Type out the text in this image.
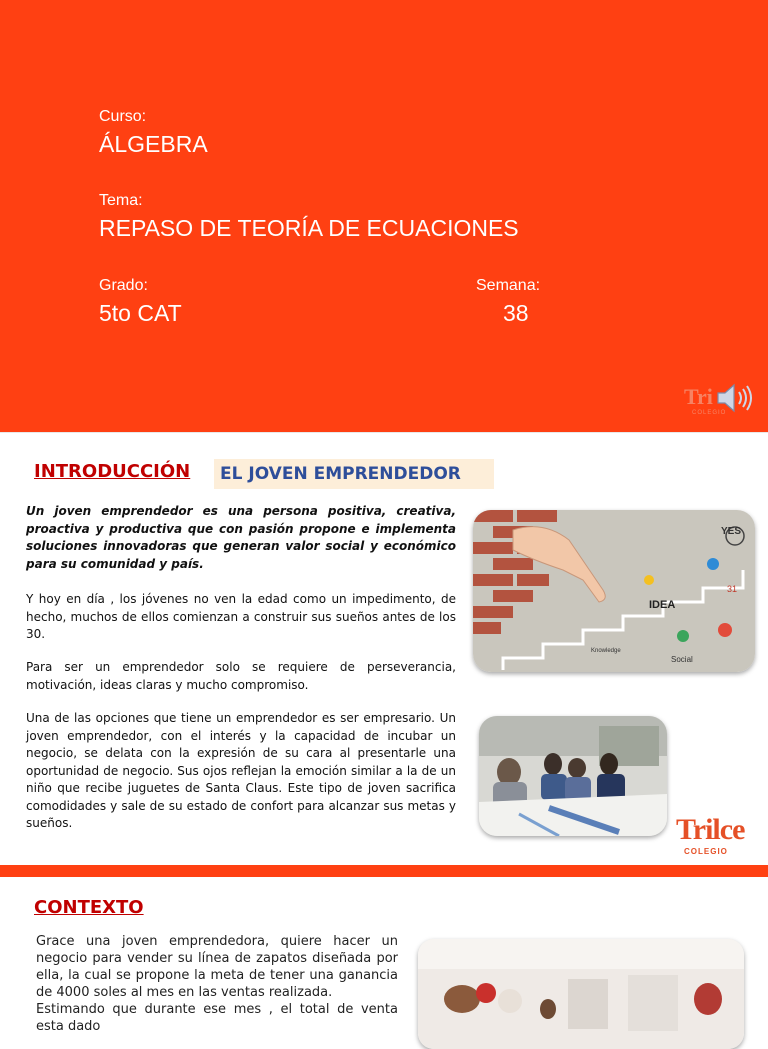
Curso:
ÁLGEBRA
Tema:
REPASO DE TEORÍA DE ECUACIONES
Grado:
5to CAT
Semana:
38
Tri
COLEGIO
INTRODUCCIÓN	EL JOVEN EMPRENDEDOR
Un joven emprendedor es una persona positiva, creativa, proactiva y productiva que con pasión propone e implementa soluciones innovadoras que generan valor social y económico para su comunidad y país.
Y hoy en día , los jóvenes no ven la edad como un impedimento, de hecho, muchos de ellos comienzan a construir sus sueños antes de los 30.
Para ser un emprendedor solo se requiere de perseverancia, motivación, ideas claras y mucho compromiso.
Una de las opciones que tiene un emprendedor es ser empresario. Un joven emprendedor, con el interés y la capacidad de incubar un negocio, se delata con la expresión de su cara al presentarle una oportunidad de negocio. Sus ojos reflejan la emoción similar a la de un niño que recibe juguetes de Santa Claus. Este tipo de joven sacrifica comodidades y sale de su estado de confort para alcanzar sus metas y sueños.
YES
IDEA
31
Social
Knowledge
Trilce
COLEGIO
CONTEXTO
Grace una joven emprendedora, quiere hacer un negocio para vender su línea de zapatos diseñada por ella, la cual se propone la meta de tener una ganancia de 4000 soles al mes en las ventas realizada.
Estimando que durante ese mes , el total de venta esta dado
